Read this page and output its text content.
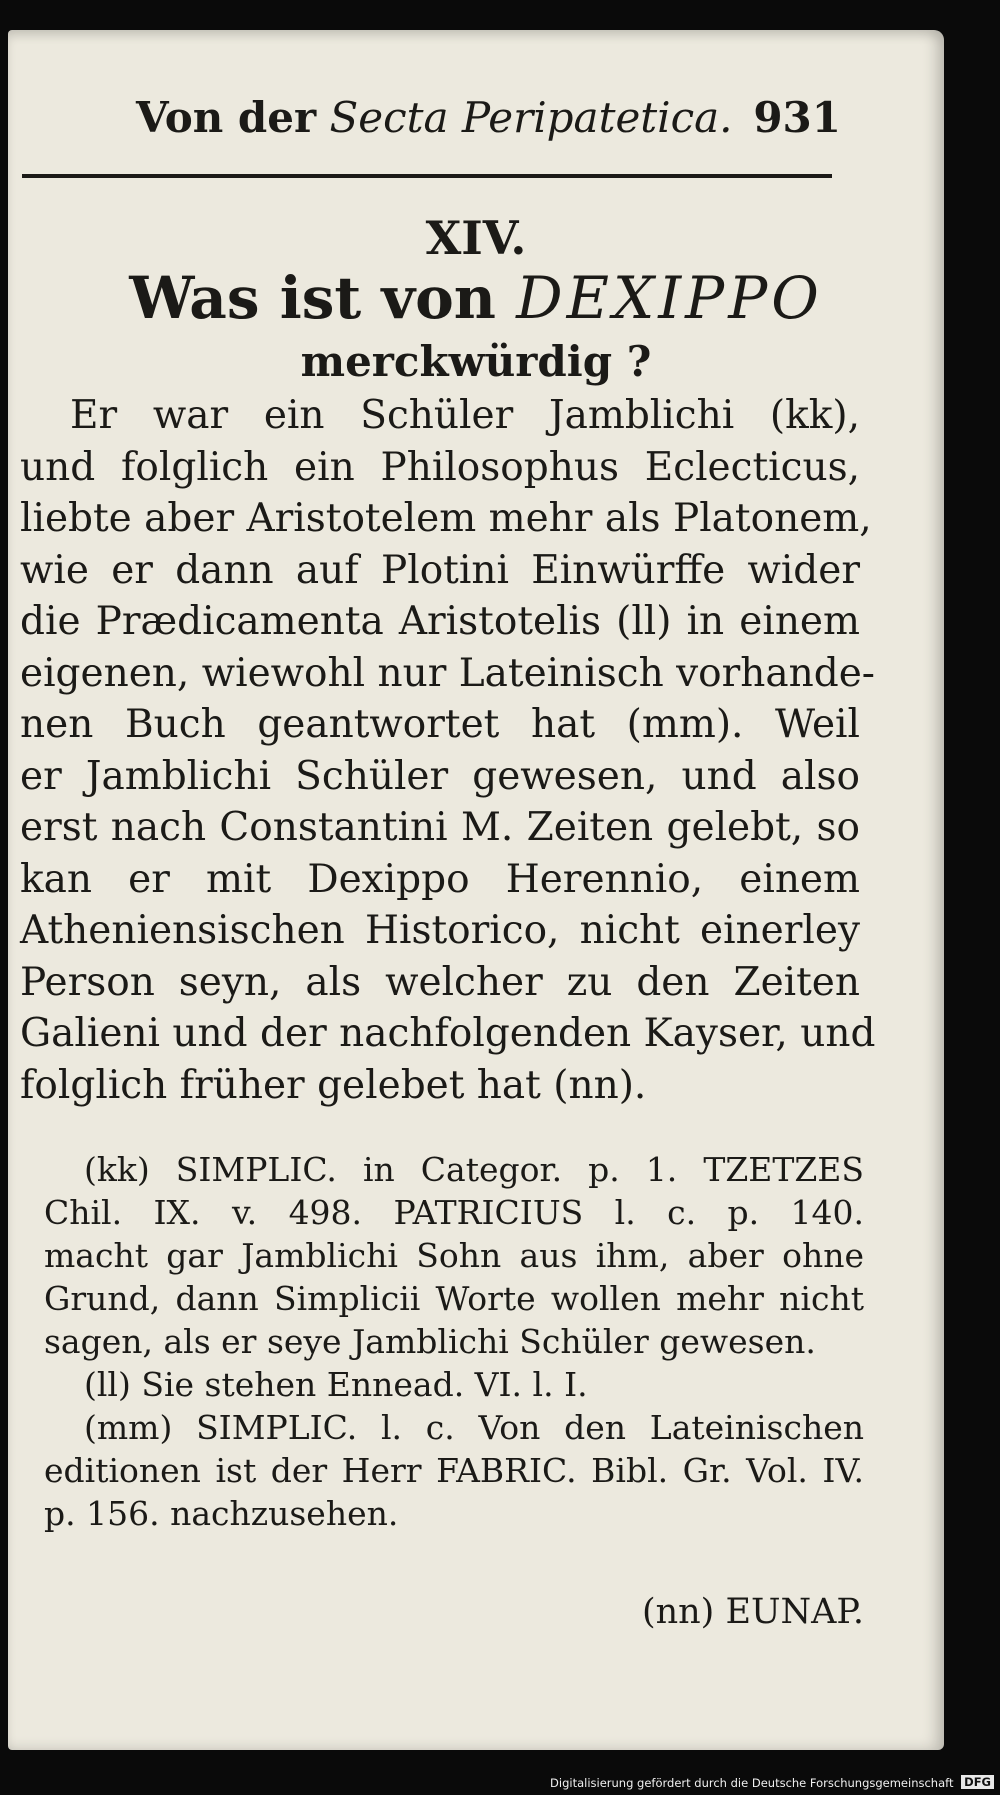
Von der Secta Peripatetica. 931
XIV.
Was ist von DEXIPPO
merckwürdig ?
Er war ein Schüler Jamblichi (kk),
und folglich ein Philosophus Eclecticus,
liebte aber Aristotelem mehr als Platonem,
wie er dann auf Plotini Einwürffe wider
die Prædicamenta Aristotelis (ll) in einem
eigenen, wiewohl nur Lateinisch vorhande-
nen Buch geantwortet hat (mm). Weil
er Jamblichi Schüler gewesen, und also
erst nach Constantini M. Zeiten gelebt, so
kan er mit Dexippo Herennio, einem
Atheniensischen Historico, nicht einerley
Person seyn, als welcher zu den Zeiten
Galieni und der nachfolgenden Kayser, und
folglich früher gelebet hat (nn).
(kk) SIMPLIC. in Categor. p. 1. TZETZES
Chil. IX. v. 498. PATRICIUS l. c. p. 140.
macht gar Jamblichi Sohn aus ihm, aber ohne
Grund, dann Simplicii Worte wollen mehr nicht
sagen, als er seye Jamblichi Schüler gewesen.
(ll) Sie stehen Ennead. VI. l. I.
(mm) SIMPLIC. l. c. Von den Lateinischen
editionen ist der Herr FABRIC. Bibl. Gr. Vol. IV.
p. 156. nachzusehen.
(nn) EUNAP.
Digitalisierung gefördert durch die Deutsche Forschungsgemeinschaft DFG
